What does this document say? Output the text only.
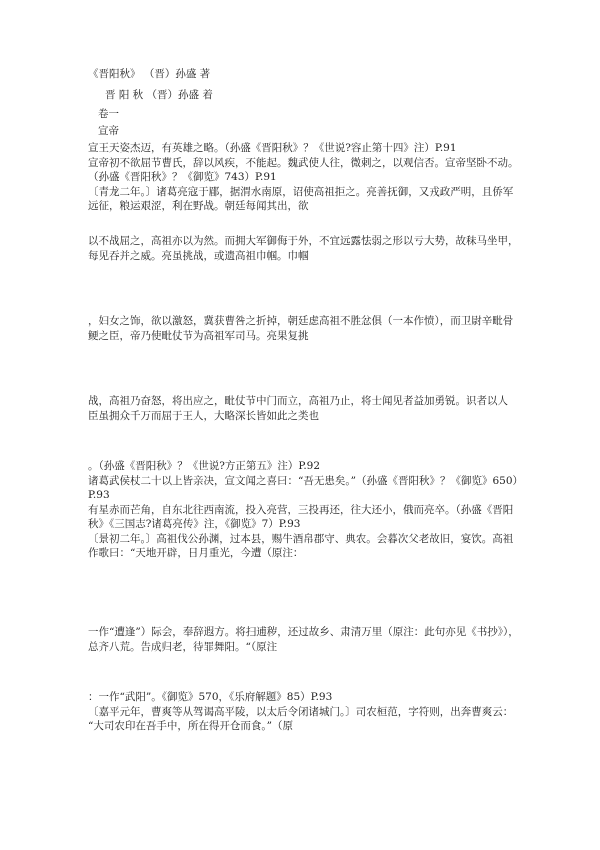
《晋阳秋》 （晋）孙盛 著
晋 阳 秋 （晋）孙盛 着
卷一
宣帝
宣王天姿杰迈，有英雄之略。（孙盛《晋阳秋》？《世说?容止第十四》注）P.91
宣帝初不欲屈节曹氏，辞以风疾，不能起。魏武使人往，微刺之，以观信否。宣帝坚卧不动。
（孙盛《晋阳秋》？《御览》743）P.91
〔青龙二年。〕诸葛亮寇于郿，据渭水南原，诏使高祖拒之。亮善抚御，又戎政严明，且侨军
远征，粮运艰涩，利在野战。朝廷每闻其出，欲
以不战屈之，高祖亦以为然。而拥大军御侮于外，不宜远露怯弱之形以亏大势，故秣马坐甲，
每见吞并之威。亮虽挑战，或遗高祖巾帼。巾帼
，妇女之饰，欲以激怒，冀获曹咎之折掉，朝廷虑高祖不胜忿俱（一本作愤），而卫尉辛毗骨
鲠之臣，帝乃使毗仗节为高祖军司马。亮果复挑
战，高祖乃奋怒，将出应之，毗仗节中门而立，高祖乃止，将士闻见者益加勇锐。识者以人
臣虽拥众千万而屈于王人，大略深长皆如此之类也
。（孙盛《晋阳秋》？《世说?方正第五》注）P.92
诸葛武侯杖二十以上皆亲决，宣文闻之喜曰：“吾无患矣。”（孙盛《晋阳秋》？《御览》650）
P.93
有星赤而芒角，自东北往西南流，投入亮营，三投再还，往大还小，俄而亮卒。（孙盛《晋阳
秋》《三国志?诸葛亮传》注，《御览》7）P.93
〔景初二年。〕高祖伐公孙渊，过本县，赐牛酒帛郡守、典农。会暮次父老故旧，宴饮。高祖
作歌曰：“天地开辟，日月重光，今遭（原注：
一作“遭逢”）际会，奉辞遐方。将扫逋秽，还过故乡、肃清万里（原注：此句亦见《书抄》），
总齐八荒。告成归老，待罪舞阳。“（原注
：一作“武阳”。《御览》570，《乐府解题》85）P.93
〔嘉平元年，曹爽等从驾谒高平陵，以太后令闭诸城门。〕司农桓范，字符则，出奔曹爽云：
“大司农印在吾手中，所在得开仓而食。”（原
